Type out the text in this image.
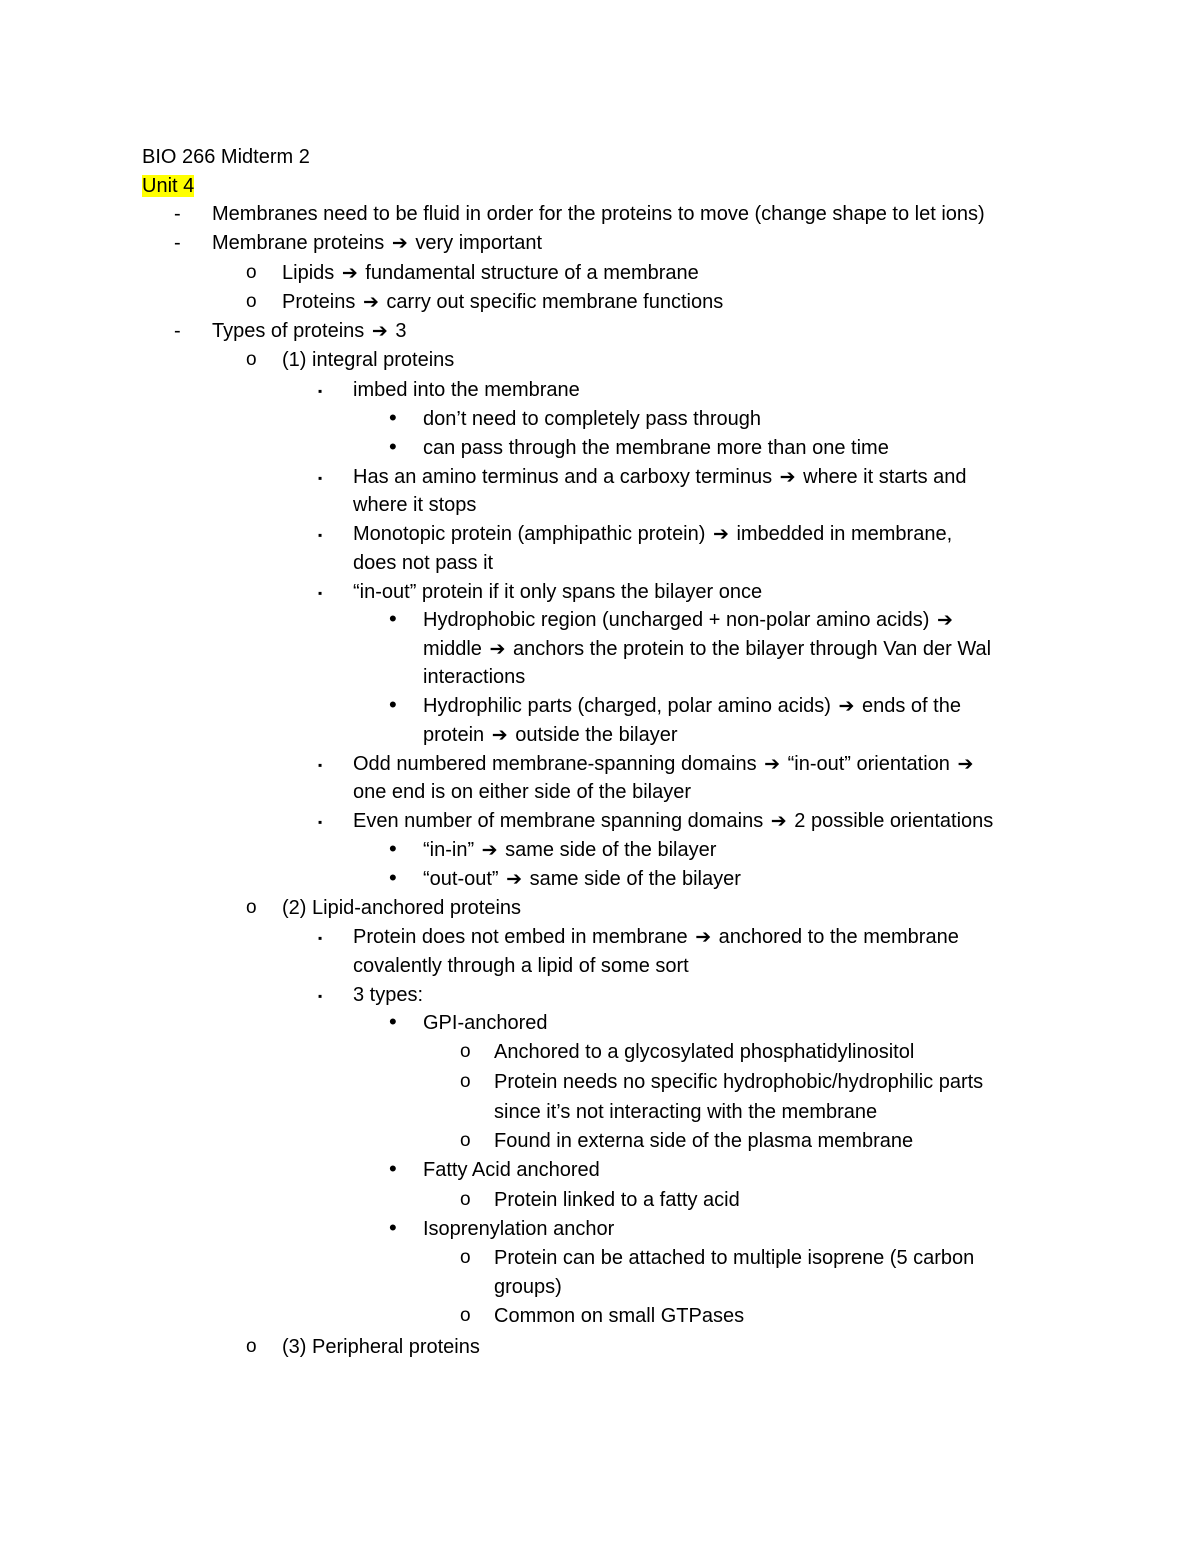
BIO 266 Midterm 2
Unit 4
- Membranes need to be fluid in order for the proteins to move (change shape to let ions)
- Membrane proteins ➔ very important
o Lipids ➔ fundamental structure of a membrane
o Proteins ➔ carry out specific membrane functions
- Types of proteins ➔ 3
o (1) integral proteins
▪ imbed into the membrane
• don’t need to completely pass through
• can pass through the membrane more than one time
▪ Has an amino terminus and a carboxy terminus ➔ where it starts and
where it stops
▪ Monotopic protein (amphipathic protein) ➔ imbedded in membrane,
does not pass it
▪ “in-out” protein if it only spans the bilayer once
• Hydrophobic region (uncharged + non-polar amino acids) ➔
middle ➔ anchors the protein to the bilayer through Van der Wal
interactions
• Hydrophilic parts (charged, polar amino acids) ➔ ends of the
protein ➔ outside the bilayer
▪ Odd numbered membrane-spanning domains ➔ “in-out” orientation ➔
one end is on either side of the bilayer
▪ Even number of membrane spanning domains ➔ 2 possible orientations
• “in-in” ➔ same side of the bilayer
• “out-out” ➔ same side of the bilayer
o (2) Lipid-anchored proteins
▪ Protein does not embed in membrane ➔ anchored to the membrane
covalently through a lipid of some sort
▪ 3 types:
• GPI-anchored
o Anchored to a glycosylated phosphatidylinositol
o Protein needs no specific hydrophobic/hydrophilic parts
since it’s not interacting with the membrane
o Found in externa side of the plasma membrane
• Fatty Acid anchored
o Protein linked to a fatty acid
• Isoprenylation anchor
o Protein can be attached to multiple isoprene (5 carbon
groups)
o Common on small GTPases
o (3) Peripheral proteins
